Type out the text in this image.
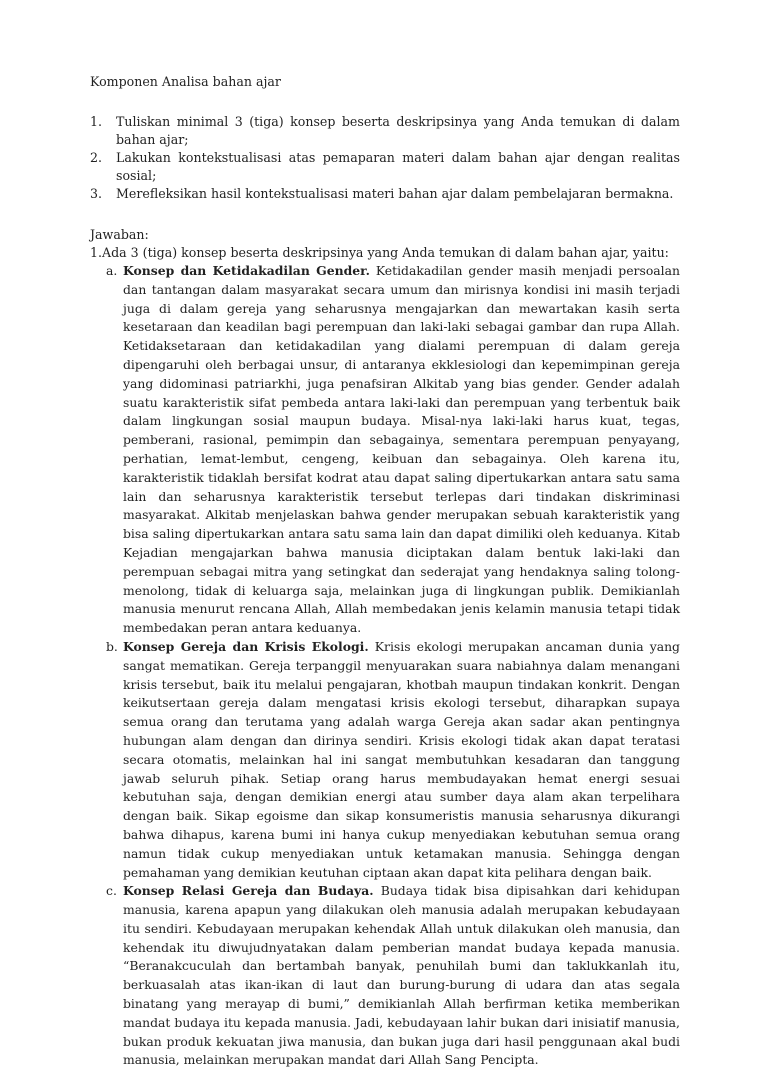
Komponen Analisa bahan ajar
1. Tuliskan minimal 3 (tiga) konsep beserta deskripsinya yang Anda temukan di dalam bahan ajar;
2. Lakukan kontekstualisasi atas pemaparan materi dalam bahan ajar dengan realitas sosial;
3. Merefleksikan hasil kontekstualisasi materi bahan ajar dalam pembelajaran bermakna.
Jawaban:
1. Ada 3 (tiga) konsep beserta deskripsinya yang Anda temukan di dalam bahan ajar, yaitu:
a. Konsep dan Ketidakadilan Gender. Ketidakadilan gender masih menjadi persoalan dan tantangan dalam masyarakat secara umum dan mirisnya kondisi ini masih terjadi juga di dalam gereja yang seharusnya mengajarkan dan mewartakan kasih serta kesetaraan dan keadilan bagi perempuan dan laki-laki sebagai gambar dan rupa Allah. Ketidaksetaraan dan ketidakadilan yang dialami perempuan di dalam gereja dipengaruhi oleh berbagai unsur, di antaranya ekklesiologi dan kepemimpinan gereja yang didominasi patriarkhi, juga penafsiran Alkitab yang bias gender. Gender adalah suatu karakteristik sifat pembeda antara laki-laki dan perempuan yang terbentuk baik dalam lingkungan sosial maupun budaya. Misal-nya laki-laki harus kuat, tegas, pemberani, rasional, pemimpin dan sebagainya, sementara perempuan penyayang, perhatian, lemat-lembut, cengeng, keibuan dan sebagainya. Oleh karena itu, karakteristik tidaklah bersifat kodrat atau dapat saling dipertukarkan antara satu sama lain dan seharusnya karakteristik tersebut terlepas dari tindakan diskriminasi masyarakat. Alkitab menjelaskan bahwa gender merupakan sebuah karakteristik yang bisa saling dipertukarkan antara satu sama lain dan dapat dimiliki oleh keduanya. Kitab Kejadian mengajarkan bahwa manusia diciptakan dalam bentuk laki-laki dan perempuan sebagai mitra yang setingkat dan sederajat yang hendaknya saling tolong-menolong, tidak di keluarga saja, melainkan juga di lingkungan publik. Demikianlah manusia menurut rencana Allah, Allah membedakan jenis kelamin manusia tetapi tidak membedakan peran antara keduanya.
b. Konsep Gereja dan Krisis Ekologi. Krisis ekologi merupakan ancaman dunia yang sangat mematikan. Gereja terpanggil menyuarakan suara nabiahnya dalam menangani krisis tersebut, baik itu melalui pengajaran, khotbah maupun tindakan konkrit. Dengan keikutsertaan gereja dalam mengatasi krisis ekologi tersebut, diharapkan supaya semua orang dan terutama yang adalah warga Gereja akan sadar akan pentingnya hubungan alam dengan dan dirinya sendiri. Krisis ekologi tidak akan dapat teratasi secara otomatis, melainkan hal ini sangat membutuhkan kesadaran dan tanggung jawab seluruh pihak. Setiap orang harus membudayakan hemat energi sesuai kebutuhan saja, dengan demikian energi atau sumber daya alam akan terpelihara dengan baik. Sikap egoisme dan sikap konsumeristis manusia seharusnya dikurangi bahwa dihapus, karena bumi ini hanya cukup menyediakan kebutuhan semua orang namun tidak cukup menyediakan untuk ketamakan manusia. Sehingga dengan pemahaman yang demikian keutuhan ciptaan akan dapat kita pelihara dengan baik.
c. Konsep Relasi Gereja dan Budaya. Budaya tidak bisa dipisahkan dari kehidupan manusia, karena apapun yang dilakukan oleh manusia adalah merupakan kebudayaan itu sendiri. Kebudayaan merupakan kehendak Allah untuk dilakukan oleh manusia, dan kehendak itu diwujudnyatakan dalam pemberian mandat budaya kepada manusia. “Beranakcuculah dan bertambah banyak, penuhilah bumi dan taklukkanlah itu, berkuasalah atas ikan-ikan di laut dan burung-burung di udara dan atas segala binatang yang merayap di bumi,” demikianlah Allah berfirman ketika memberikan mandat budaya itu kepada manusia. Jadi, kebudayaan lahir bukan dari inisiatif manusia, bukan produk kekuatan jiwa manusia, dan bukan juga dari hasil penggunaan akal budi manusia, melainkan merupakan mandat dari Allah Sang Pencipta.
